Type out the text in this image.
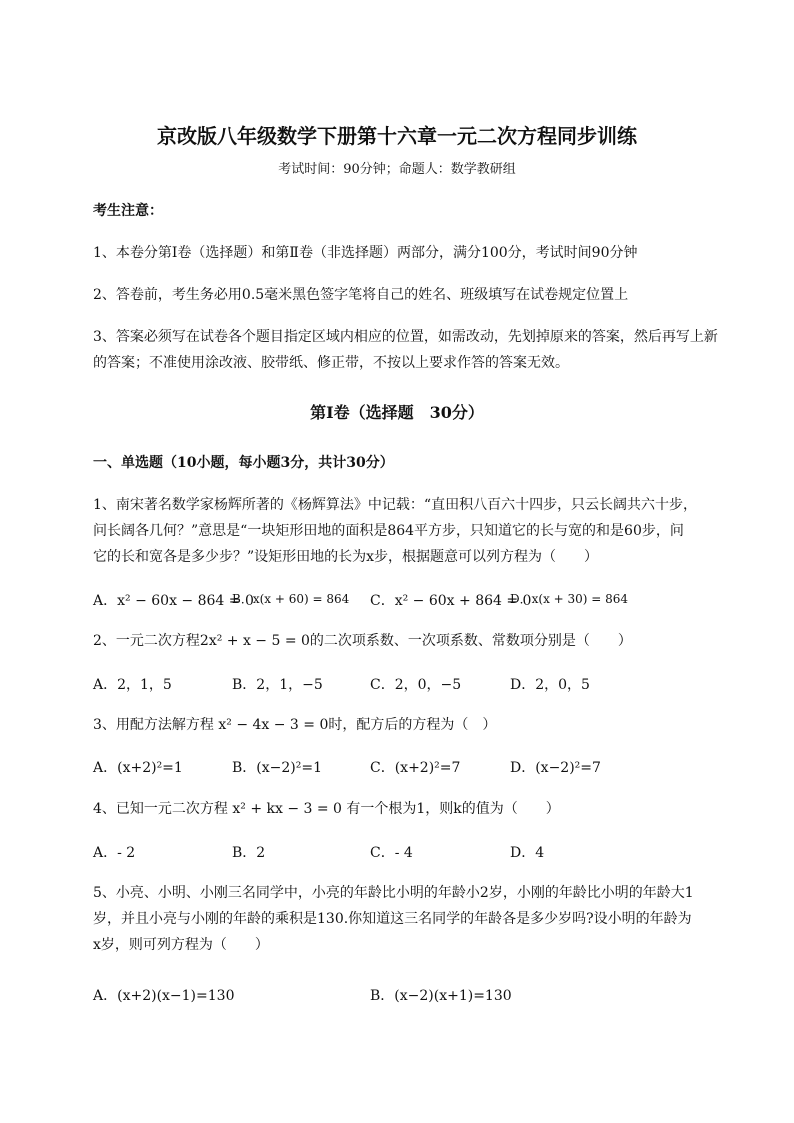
京改版八年级数学下册第十六章一元二次方程同步训练
考试时间：90分钟；命题人：数学教研组
考生注意：
1、本卷分第Ⅰ卷（选择题）和第Ⅱ卷（非选择题）两部分，满分100分，考试时间90分钟
2、答卷前，考生务必用0.5毫米黑色签字笔将自己的姓名、班级填写在试卷规定位置上
3、答案必须写在试卷各个题目指定区域内相应的位置，如需改动，先划掉原来的答案，然后再写上新
的答案；不准使用涂改液、胶带纸、修正带，不按以上要求作答的答案无效。
第Ⅰ卷（选择题　30分）
一、单选题（10小题，每小题3分，共计30分）
1、南宋著名数学家杨辉所著的《杨辉算法》中记载：“直田积八百六十四步，只云长阔共六十步，
问长阔各几何？”意思是“一块矩形田地的面积是864平方步，只知道它的长与宽的和是60步，问
它的长和宽各是多少步？”设矩形田地的长为x步，根据题意可以列方程为（　　）
A．x² − 60x − 864 = 0
B．x(x + 60) = 864 C．x² − 60x + 864 = 0
D．x(x + 30) = 864
2、一元二次方程2x² + x − 5 = 0的二次项系数、一次项系数、常数项分别是（　　）
A．2，1，5	B．2，1，−5	C．2，0，−5	D．2，0，5
3、用配方法解方程 x² − 4x − 3 = 0时，配方后的方程为（　）
A．(x+2)²=1	B．(x−2)²=1	C．(x+2)²=7	D．(x−2)²=7
4、已知一元二次方程 x² + kx − 3 = 0 有一个根为1，则k的值为（　　）
A．- 2	B．2	C．- 4	D．4
5、小亮、小明、小刚三名同学中，小亮的年龄比小明的年龄小2岁，小刚的年龄比小明的年龄大1
岁，并且小亮与小刚的年龄的乘积是130.你知道这三名同学的年龄各是多少岁吗?设小明的年龄为
x岁，则可列方程为（　　）
A．(x+2)(x−1)=130	B．(x−2)(x+1)=130
